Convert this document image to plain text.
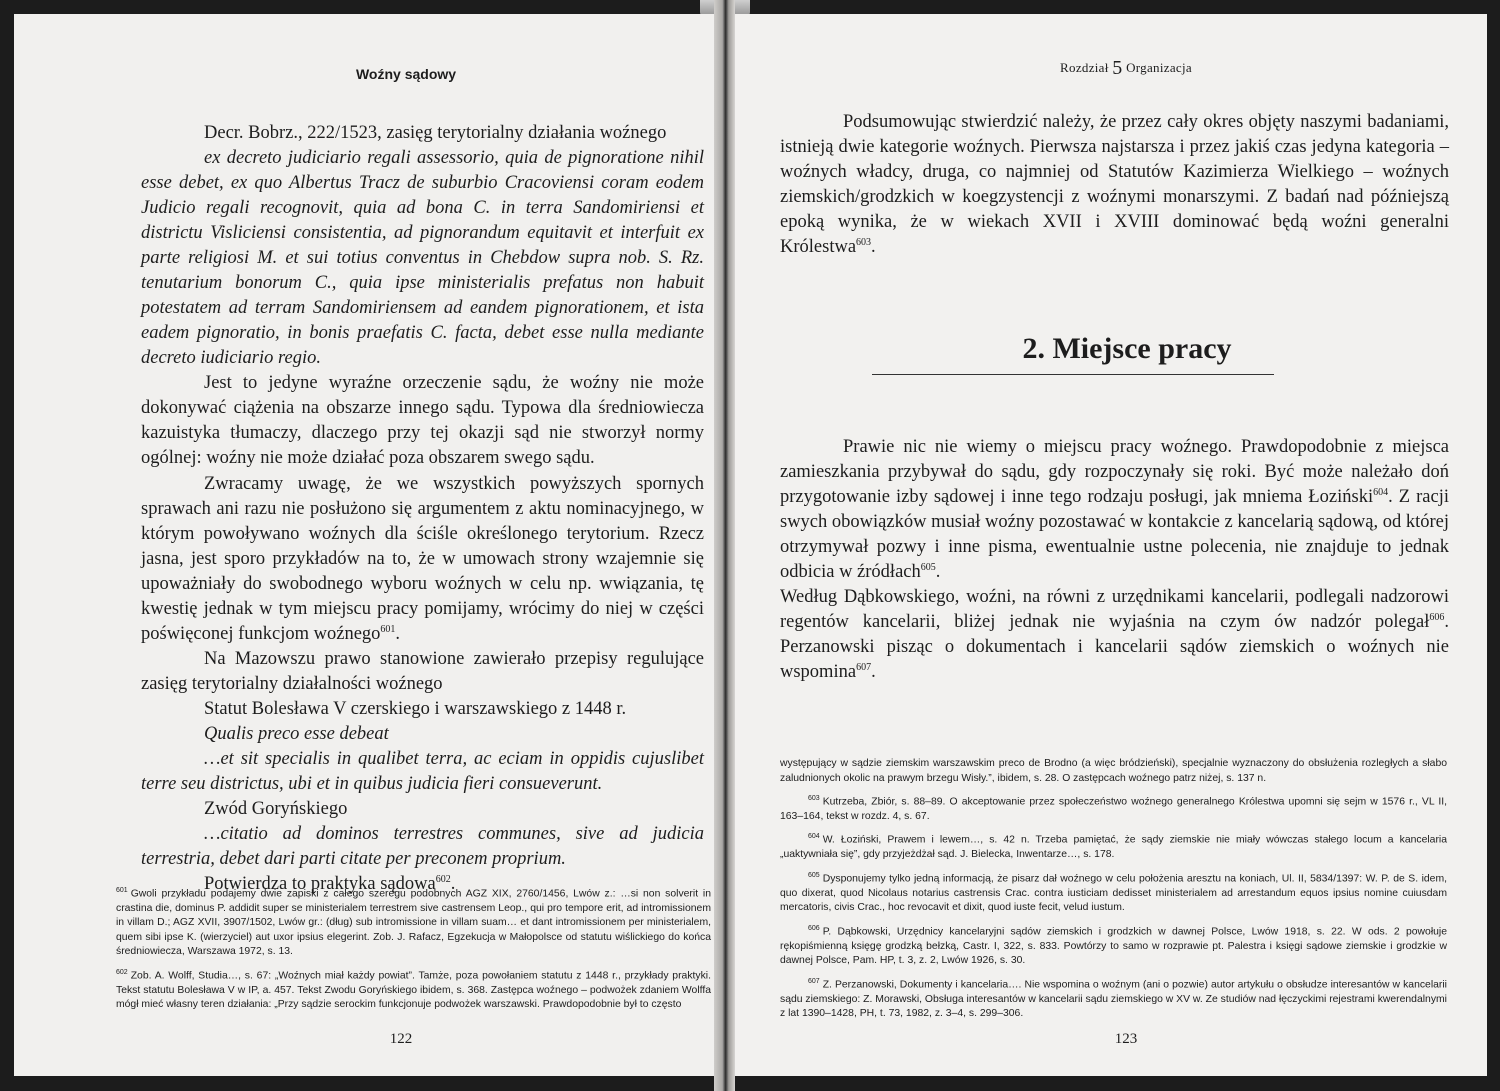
Woźny sądowy

Decr. Bobrz., 222/1523, zasięg terytorialny działania woźnego

ex decreto judiciario regali assessorio, quia de pignoratione nihil esse debet, ex quo Albertus Tracz de suburbio Cracoviensi coram eodem Judicio regali recognovit, quia ad bona C. in terra Sandomiriensi et districtu Visliciensi consistentia, ad pignorandum equitavit et interfuit ex parte religiosi M. et sui totius conventus in Chebdow supra nob. S. Rz. tenutarium bonorum C., quia ipse ministerialis prefatus non habuit potestatem ad terram Sandomiriensem ad eandem pignorationem, et ista eadem pignoratio, in bonis praefatis C. facta, debet esse nulla mediante decreto iudiciario regio.

Jest to jedyne wyraźne orzeczenie sądu, że woźny nie może dokonywać ciążenia na obszarze innego sądu. Typowa dla średniowiecza kazuistyka tłumaczy, dlaczego przy tej okazji sąd nie stworzył normy ogólnej: woźny nie może działać poza obszarem swego sądu.

Zwracamy uwagę, że we wszystkich powyższych spornych sprawach ani razu nie posłużono się argumentem z aktu nominacyjnego, w którym powoływano woźnych dla ściśle określonego terytorium. Rzecz jasna, jest sporo przykładów na to, że w umowach strony wzajemnie się upoważniały do swobodnego wyboru woźnych w celu np. wwiązania, tę kwestię jednak w tym miejscu pracy pomijamy, wrócimy do niej w części poświęconej funkcjom woźnego$^{601}$.

Na Mazowszu prawo stanowione zawierało przepisy regulujące zasięg terytorialny działalności woźnego

Statut Bolesława V czerskiego i warszawskiego z 1448 r.

Qualis preco esse debeat

…et sit specialis in qualibet terra, ac eciam in oppidis cujuslibet terre seu districtus, ubi et in quibus judicia fieri consueverunt.

Zwód Goryńskiego

…citatio ad dominos terrestres communes, sive ad judicia terrestria, debet dari parti citate per preconem proprium.

Potwierdza to praktyka sądowa$^{602}$.

$^{601}$ Gwoli przykładu podajemy dwie zapiski z całego szeregu podobnych AGZ XIX, 2760/1456, Lwów z.: …si non solverit in crastina die, dominus P. addidit super se ministerialem terrestrem sive castrensem Leop., qui pro tempore erit, ad intromissionem in villam D.; AGZ XVII, 3907/1502, Lwów gr.: (dług) sub intromissione in villam suam… et dant intromissionem per ministerialem, quem sibi ipse K. (wierzyciel) aut uxor ipsius elegerint. Zob. J. Rafacz, Egzekucja w Małopolsce od statutu wiślickiego do końca średniowiecza, Warszawa 1972, s. 13.

$^{602}$ Zob. A. Wolff, Studia…, s. 67: „Woźnych miał każdy powiat”. Tamże, poza powołaniem statutu z 1448 r., przykłady praktyki. Tekst statutu Bolesława V w IP, a. 457. Tekst Zwodu Goryńskiego ibidem, s. 368. Zastępca woźnego – podwożek zdaniem Wolffa mógł mieć własny teren działania: „Przy sądzie serockim funkcjonuje podwożek warszawski. Prawdopodobnie był to często

122
Rozdział 5 Organizacja

Podsumowując stwierdzić należy, że przez cały okres objęty naszymi badaniami, istnieją dwie kategorie woźnych. Pierwsza najstarsza i przez jakiś czas jedyna kategoria – woźnych władcy, druga, co najmniej od Statutów Kazimierza Wielkiego – woźnych ziemskich/grodzkich w koegzystencji z woźnymi monarszymi. Z badań nad późniejszą epoką wynika, że w wiekach XVII i XVIII dominować będą woźni generalni Królestwa$^{603}$.

2. Miejsce pracy

Prawie nic nie wiemy o miejscu pracy woźnego. Prawdopodobnie z miejsca zamieszkania przybywał do sądu, gdy rozpoczynały się roki. Być może należało doń przygotowanie izby sądowej i inne tego rodzaju posługi, jak mniema Łoziński$^{604}$. Z racji swych obowiązków musiał woźny pozostawać w kontakcie z kancelarią sądową, od której otrzymywał pozwy i inne pisma, ewentualnie ustne polecenia, nie znajduje to jednak odbicia w źródłach$^{605}$.

Według Dąbkowskiego, woźni, na równi z urzędnikami kancelarii, podlegali nadzorowi regentów kancelarii, bliżej jednak nie wyjaśnia na czym ów nadzór polegał$^{606}$. Perzanowski pisząc o dokumentach i kancelarii sądów ziemskich o woźnych nie wspomina$^{607}$.

występujący w sądzie ziemskim warszawskim preco de Brodno (a więc bródzieński), specjalnie wyznaczony do obsłużenia rozległych a słabo zaludnionych okolic na prawym brzegu Wisły.”, ibidem, s. 28. O zastępcach woźnego patrz niżej, s. 137 n.

$^{603}$ Kutrzeba, Zbiór, s. 88–89. O akceptowanie przez społeczeństwo woźnego generalnego Królestwa upomni się sejm w 1576 r., VL II, 163–164, tekst w rozdz. 4, s. 67.

$^{604}$ W. Łoziński, Prawem i lewem…, s. 42 n. Trzeba pamiętać, że sądy ziemskie nie miały wówczas stałego locum a kancelaria „uaktywniała się”, gdy przyjeżdżał sąd. J. Bielecka, Inwentarze…, s. 178.

$^{605}$ Dysponujemy tylko jedną informacją, że pisarz dał woźnego w celu położenia aresztu na koniach, Ul. II, 5834/1397: W. P. de S. idem, quo dixerat, quod Nicolaus notarius castrensis Crac. contra iusticiam dedisset ministerialem ad arrestandum equos ipsius nomine cuiusdam mercatoris, civis Crac., hoc revocavit et dixit, quod iuste fecit, velud iustum.

$^{606}$ P. Dąbkowski, Urzędnicy kancelaryjni sądów ziemskich i grodzkich w dawnej Polsce, Lwów 1918, s. 22. W ods. 2 powołuje rękopiśmienną księgę grodzką bełzką, Castr. I, 322, s. 833. Powtórzy to samo w rozprawie pt. Palestra i księgi sądowe ziemskie i grodzkie w dawnej Polsce, Pam. HP, t. 3, z. 2, Lwów 1926, s. 30.

$^{607}$ Z. Perzanowski, Dokumenty i kancelaria…. Nie wspomina o woźnym (ani o pozwie) autor artykułu o obsłudze interesantów w kancelarii sądu ziemskiego: Z. Morawski, Obsługa interesantów w kancelarii sądu ziemskiego w XV w. Ze studiów nad łęczyckimi rejestrami kwerendalnymi z lat 1390–1428, PH, t. 73, 1982, z. 3–4, s. 299–306.

123
